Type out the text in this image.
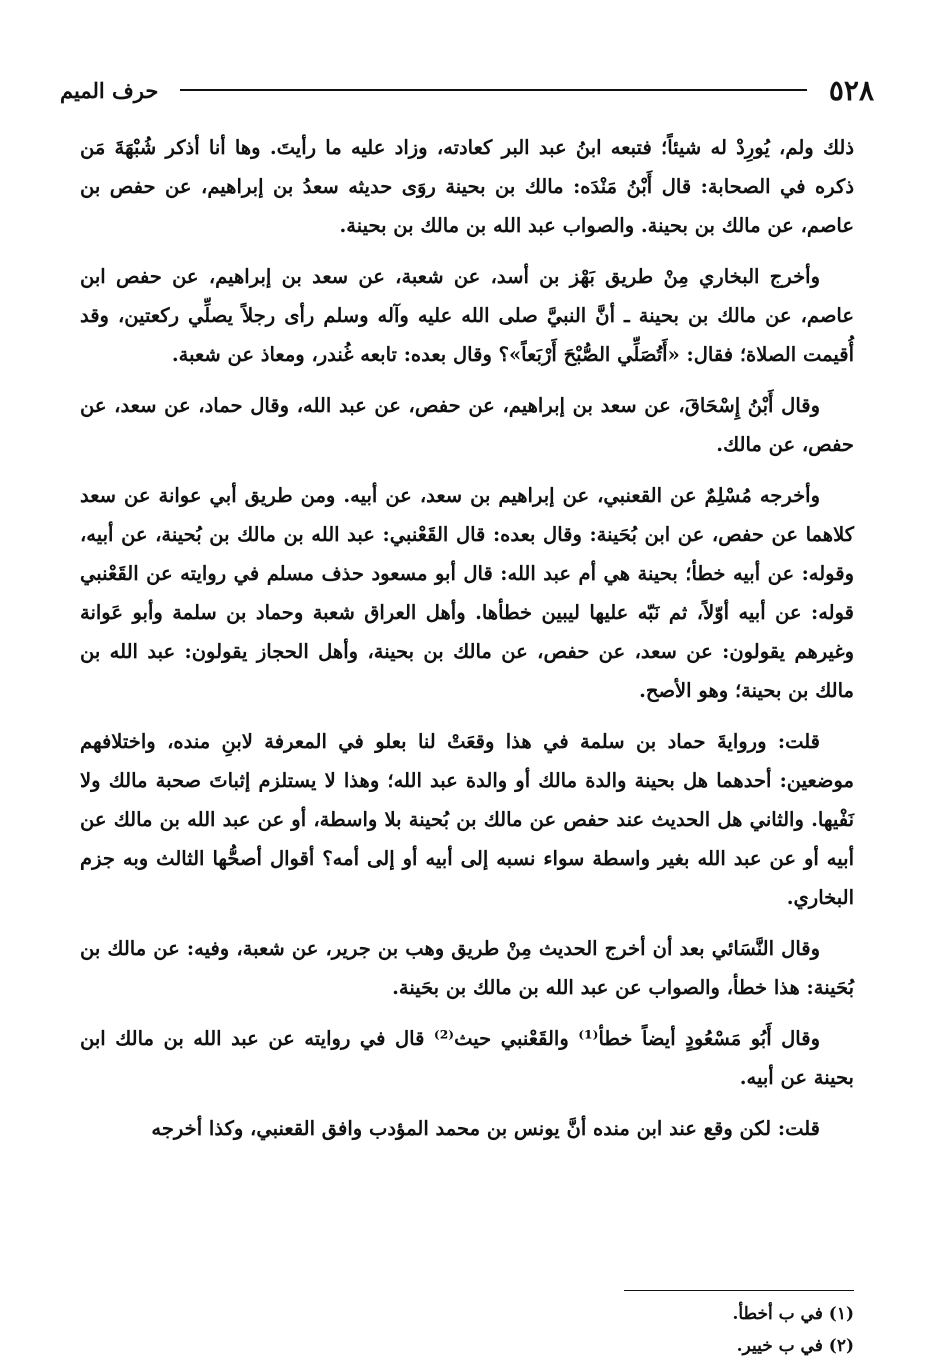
٥٢٨
حرف الميم

ذلك ولم، يُورِدْ له شيئاً؛ فتبعه ابنُ عبد البر كعادته، وزاد عليه ما رأيتَ. وها أنا أذكر شُبْهَةَ مَن ذكره في الصحابة: قال أَبْنُ مَنْدَه: مالك بن بحينة روَى حديثه سعدُ بن إبراهيم، عن حفص بن عاصم، عن مالك بن بحينة. والصواب عبد الله بن مالك بن بحينة.

وأخرج البخاري مِنْ طريق بَهْز بن أسد، عن شعبة، عن سعد بن إبراهيم، عن حفص ابن عاصم، عن مالك بن بحينة ـ أنَّ النبيَّ صلى الله عليه وآله وسلم رأى رجلاً يصلِّي ركعتين، وقد أُقيمت الصلاة؛ فقال: «أَتُصَلِّي الصُّبْحَ أَرْبَعاً»؟ وقال بعده: تابعه غُندر، ومعاذ عن شعبة.

وقال أَبْنُ إِسْحَاقَ، عن سعد بن إبراهيم، عن حفص، عن عبد الله، وقال حماد، عن سعد، عن حفص، عن مالك.

وأخرجه مُسْلِمٌ عن القعنبي، عن إبراهيم بن سعد، عن أبيه. ومن طريق أبي عوانة عن سعد كلاهما عن حفص، عن ابن بُحَينة: وقال بعده: قال القَعْنبي: عبد الله بن مالك بن بُحينة، عن أبيه، وقوله: عن أبيه خطأ؛ بحينة هي أم عبد الله: قال أبو مسعود حذف مسلم في روايته عن القَعْنبي قوله: عن أبيه أوّلاً، ثم نَبّه عليها ليبين خطأها. وأهل العراق شعبة وحماد بن سلمة وأبو عَوانة وغيرهم يقولون: عن سعد، عن حفص، عن مالك بن بحينة، وأهل الحجاز يقولون: عبد الله بن مالك بن بحينة؛ وهو الأصح.

قلت: وروايةَ حماد بن سلمة في هذا وقعَتْ لنا بعلو في المعرفة لابنِ منده، واختلافهم موضعين: أحدهما هل بحينة والدة مالك أو والدة عبد الله؛ وهذا لا يستلزم إثباتَ صحبة مالك ولا نَفْيها. والثاني هل الحديث عند حفص عن مالك بن بُحينة بلا واسطة، أو عن عبد الله بن مالك عن أبيه أو عن عبد الله بغير واسطة سواء نسبه إلى أبيه أو إلى أمه؟ أقوال أصحُّها الثالث وبه جزم البخاري.

وقال النَّسَائي بعد أن أخرج الحديث مِنْ طريق وهب بن جرير، عن شعبة، وفيه: عن مالك بن بُحَينة: هذا خطأ، والصواب عن عبد الله بن مالك بن بحَينة.

وقال أَبُو مَسْعُودٍ أيضاً خطأ⁽¹⁾ والقَعْنبي حيث⁽²⁾ قال في روايته عن عبد الله بن مالك ابن بحينة عن أبيه.

قلت: لكن وقع عند ابن منده أنَّ يونس بن محمد المؤدب وافق القعنبي، وكذا أخرجه

(١) في ب أخطأ.

(٢) في ب خيير.
